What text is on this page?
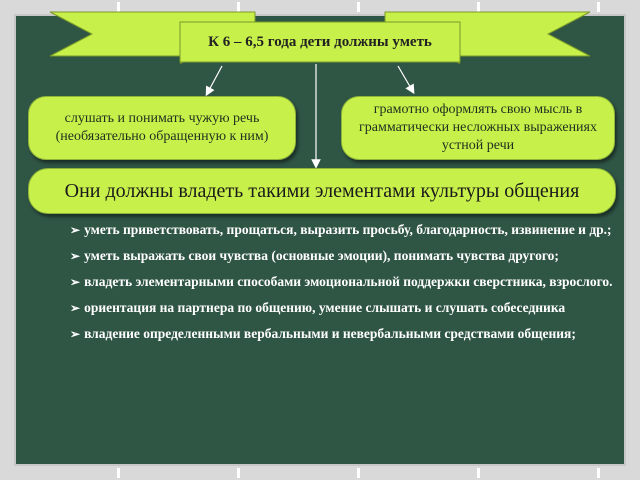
К 6 – 6,5 года дети должны уметь
слушать и понимать чужую речь (необязательно обращенную к ним)
грамотно оформлять свою мысль в грамматически несложных выражениях устной речи
Они должны владеть такими элементами культуры общения
➢ уметь приветствовать, прощаться, выразить просьбу, благодарность, извинение и др.;
➢ уметь выражать свои чувства (основные эмоции), понимать чувства другого;
➢ владеть элементарными способами эмоциональной поддержки сверстника, взрослого.
➢ ориентация на партнера по общению, умение слышать и слушать собеседника
➢ владение определенными вербальными и невербальными средствами общения;
